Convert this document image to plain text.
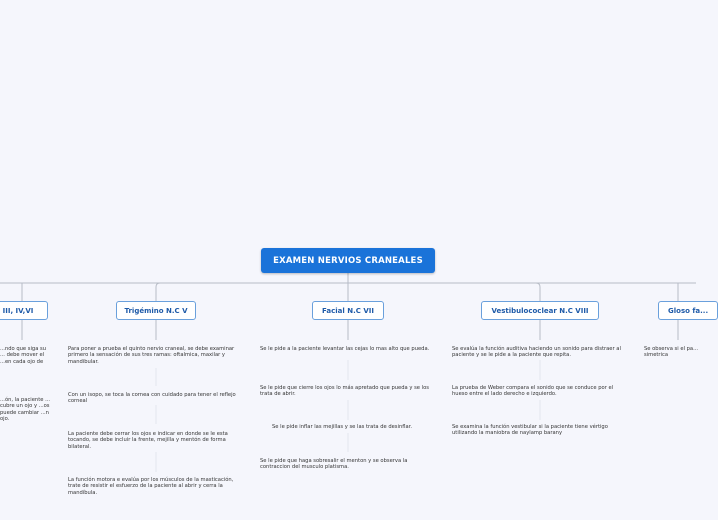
EXAMEN NERVIOS CRANEALES
III, IV,VI
...ndo que siga su ... debe mover el ...en cada ojo de
...ón, la paciente ... cubre un ojo y ...os puede cambiar ...n ojo.
Trigémino N.C V
Para poner a prueba el quinto nervio craneal, se debe examinar primero la sensación de sus tres ramas: oftalmica, maxilar y mandibular.
Con un isopo, se toca la cornea con cuidado para tener el reflejo corneal
La paciente debe cerrar los ojos e indicar en donde se le esta tocando, se debe incluir la frente, mejilla y mentón de forma bilateral.
La función motora e evalúa por los músculos de la masticación, trate de resistir el esfuerzo de la paciente al abrir y cerra la mandíbula.
Facial N.C VII
Se le pide a la paciente levantar las cejas lo mas alto que pueda.
Se le pide que cierre los ojos lo más apretado que pueda y se los trata de abrir.
Se le pide inflar las mejillas y se las trata de desinflar.
Se le pide que haga sobresalir el menton y se observa la contraccion del musculo platisma.
Vestibulococlear N.C VIII
Se evalúa la función auditiva haciendo un sonido para distraer al paciente y se le pide a la paciente que repita.
La prueba de Weber compara el sonido que se conduce por el hueso entre el lado derecho e izquierdo.
Se examina la función vestibular si la paciente tiene vértigo utilizando la maniobra de naylamp barany
Gloso fa...
Se observa si el pa... simetrica
